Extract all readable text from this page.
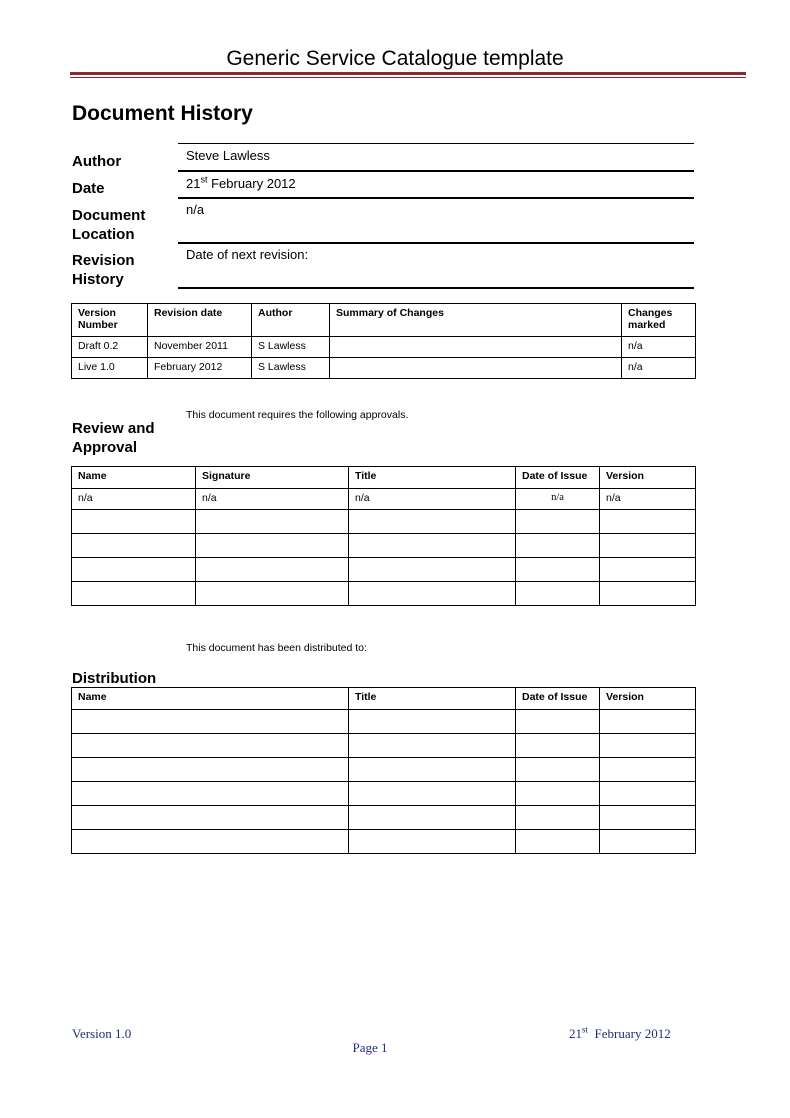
Generic Service Catalogue template
Document History
Author	Steve Lawless
Date	21st February 2012
Document
Location
n/a
Revision
History
Date of next revision:
Version Number	Revision date	Author	Summary of Changes	Changes marked
Draft 0.2	November 2011	S Lawless		n/a
Live 1.0	February 2012	S Lawless		n/a
This document requires the following approvals.
Review and
Approval
Name	Signature	Title	Date of Issue	Version
n/a	n/a	n/a	n/a	n/a

This document has been distributed to:
Distribution
Name	Title	Date of Issue	Version

Version 1.0	21st  February 2012
Page 1
